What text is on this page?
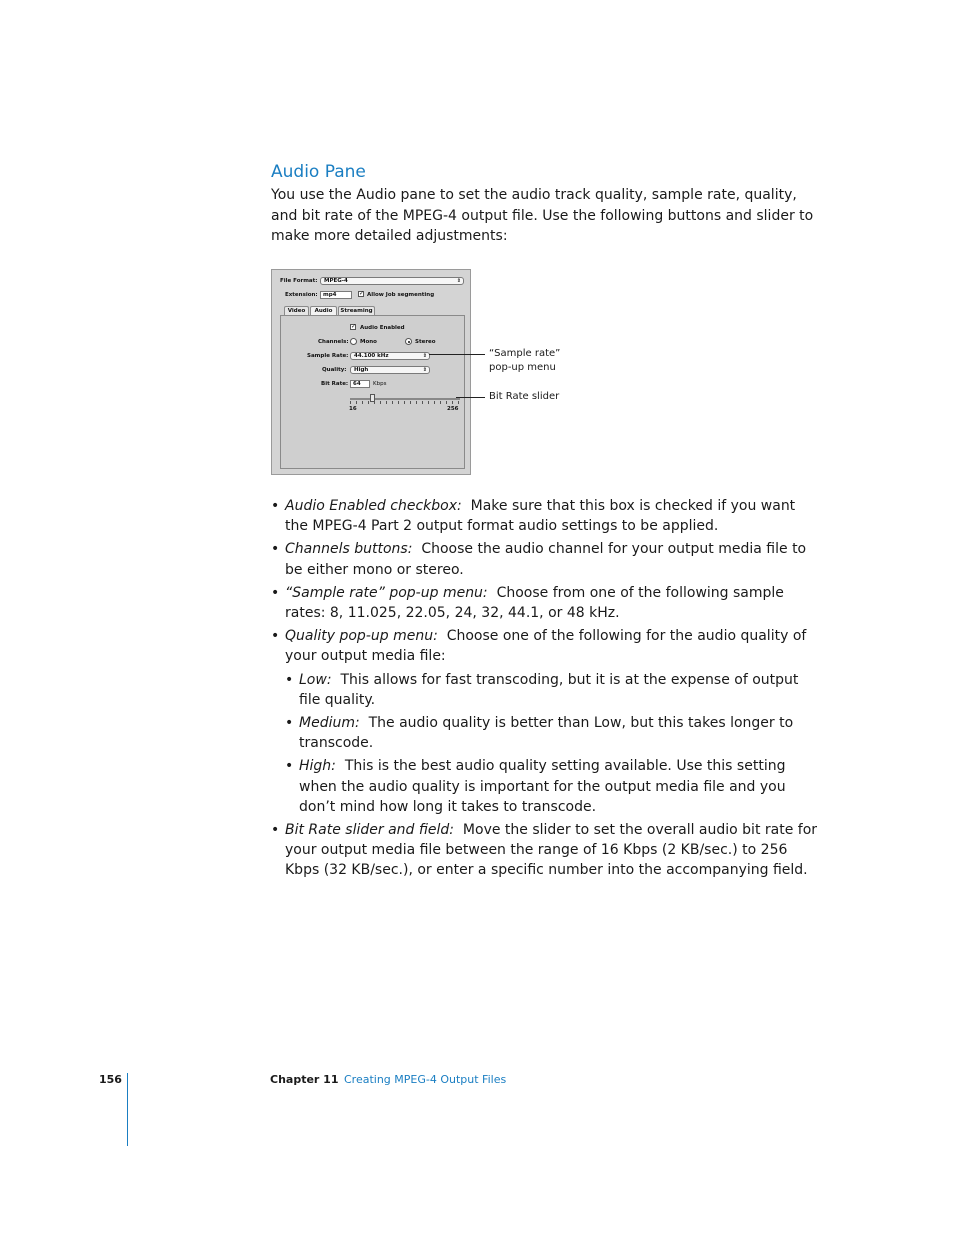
Audio Pane

You use the Audio pane to set the audio track quality, sample rate, quality, and bit rate of the MPEG-4 output file. Use the following buttons and slider to make more detailed adjustments:

File Format:	MPEG-4	⇕
Extension: mp4	✓ Allow Job segmenting
Video	Audio	Streaming
✓ Audio Enabled
Channels: Mono	Stereo
Sample Rate:	44.100 kHz	⇕
Quality:	High	⇕
Bit Rate: 64	Kbps
16	256
“Sample rate”
pop-up menu
Bit Rate slider
• Audio Enabled checkbox: Make sure that this box is checked if you want the MPEG-4 Part 2 output format audio settings to be applied.
• Channels buttons: Choose the audio channel for your output media file to be either mono or stereo.
• “Sample rate” pop-up menu: Choose from one of the following sample rates: 8, 11.025, 22.05, 24, 32, 44.1, or 48 kHz.
• Quality pop-up menu: Choose one of the following for the audio quality of your output media file:
• Low: This allows for fast transcoding, but it is at the expense of output file quality.
• Medium: The audio quality is better than Low, but this takes longer to transcode.
• High: This is the best audio quality setting available. Use this setting when the audio quality is important for the output media file and you don’t mind how long it takes to transcode.
• Bit Rate slider and field: Move the slider to set the overall audio bit rate for your output media file between the range of 16 Kbps (2 KB/sec.) to 256 Kbps (32 KB/sec.), or enter a specific number into the accompanying field.
156	Chapter 11 Creating MPEG-4 Output Files
